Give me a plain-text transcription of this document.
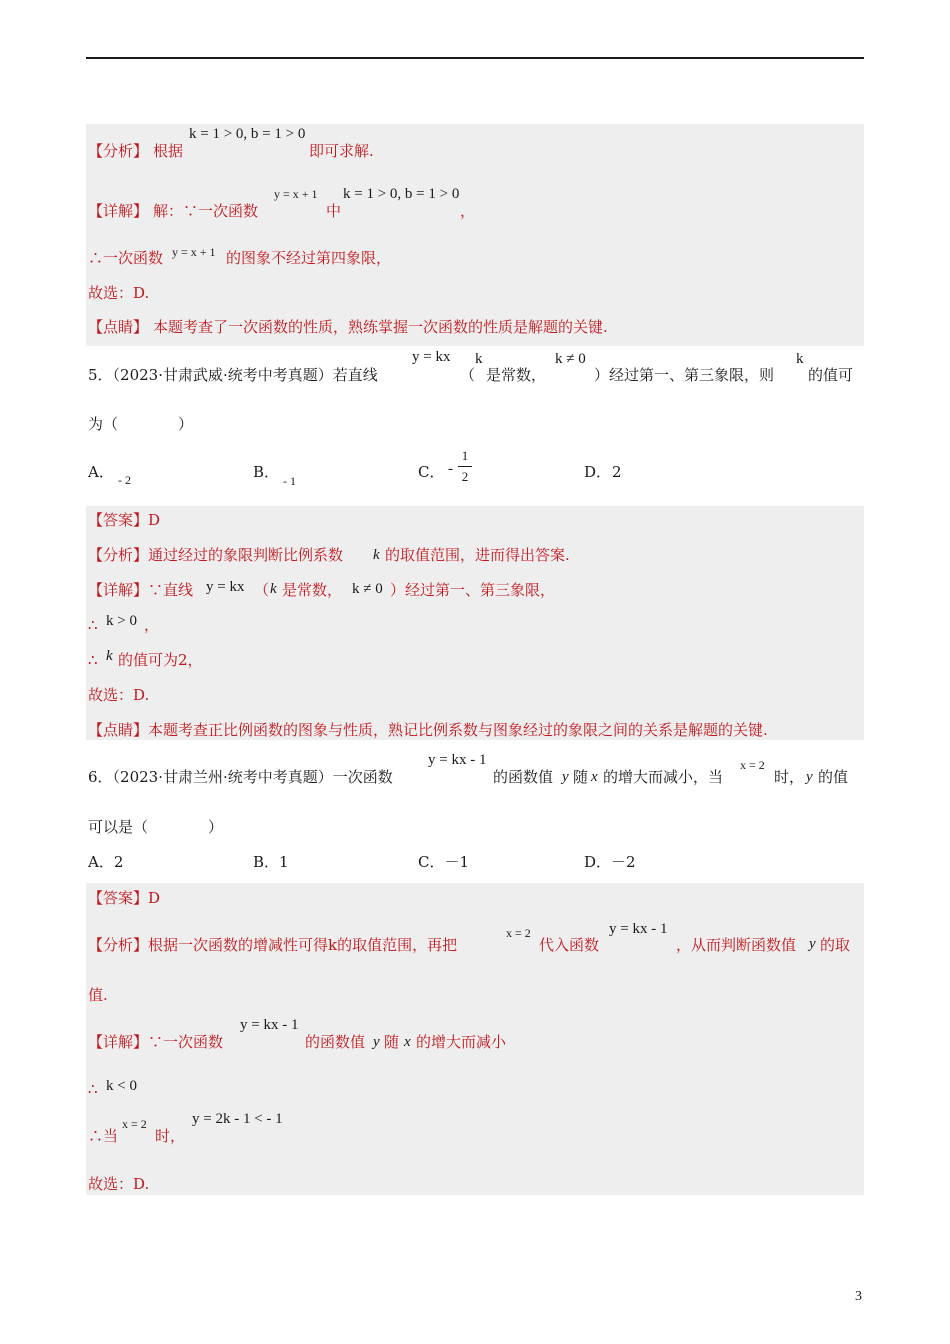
【分析】 根据
k = 1 > 0, b = 1 > 0
即可求解.
【详解】 解：∵一次函数
y = x + 1
中
k = 1 > 0, b = 1 > 0
，
∴一次函数 y = x + 1 的图象不经过第四象限，
故选：D.
【点睛】 本题考查了一次函数的性质，熟练掌握一次函数的性质是解题的关键.
5．（2023·甘肃武威·统考中考真题）若直线
y = kx
（
k
是常数，
k ≠ 0
）经过第一、第三象限，则
k
的值可
为（　　　　）
A． - 2	B． - 1	C． -
1
2	D． 2
【答案】D
【分析】通过经过的象限判断比例系数 k 的取值范围，进而得出答案.
【详解】∵直线 y = kx （ k 是常数， k ≠ 0 ）经过第一、第三象限，
∴ k > 0 ，
∴ k 的值可为2，
故选：D.
【点睛】本题考查正比例函数的图象与性质，熟记比例系数与图象经过的象限之间的关系是解题的关键.
6．（2023·甘肃兰州·统考中考真题）一次函数
y = kx - 1
的函数值 y 随 x 的增大而减小，当
x = 2
时， y 的值
可以是（　　　　）
A．2	B．1	C．－1	D．－2
【答案】D
【分析】根据一次函数的增减性可得k的取值范围，再把
x = 2
代入函数
y = kx - 1
，从而判断函数值 y 的取
值.
【详解】∵一次函数
y = kx - 1
的函数值 y 随 x 的增大而减小
∴ k < 0
∴当
x = 2
时，
y = 2k - 1 < - 1
故选：D.
3
